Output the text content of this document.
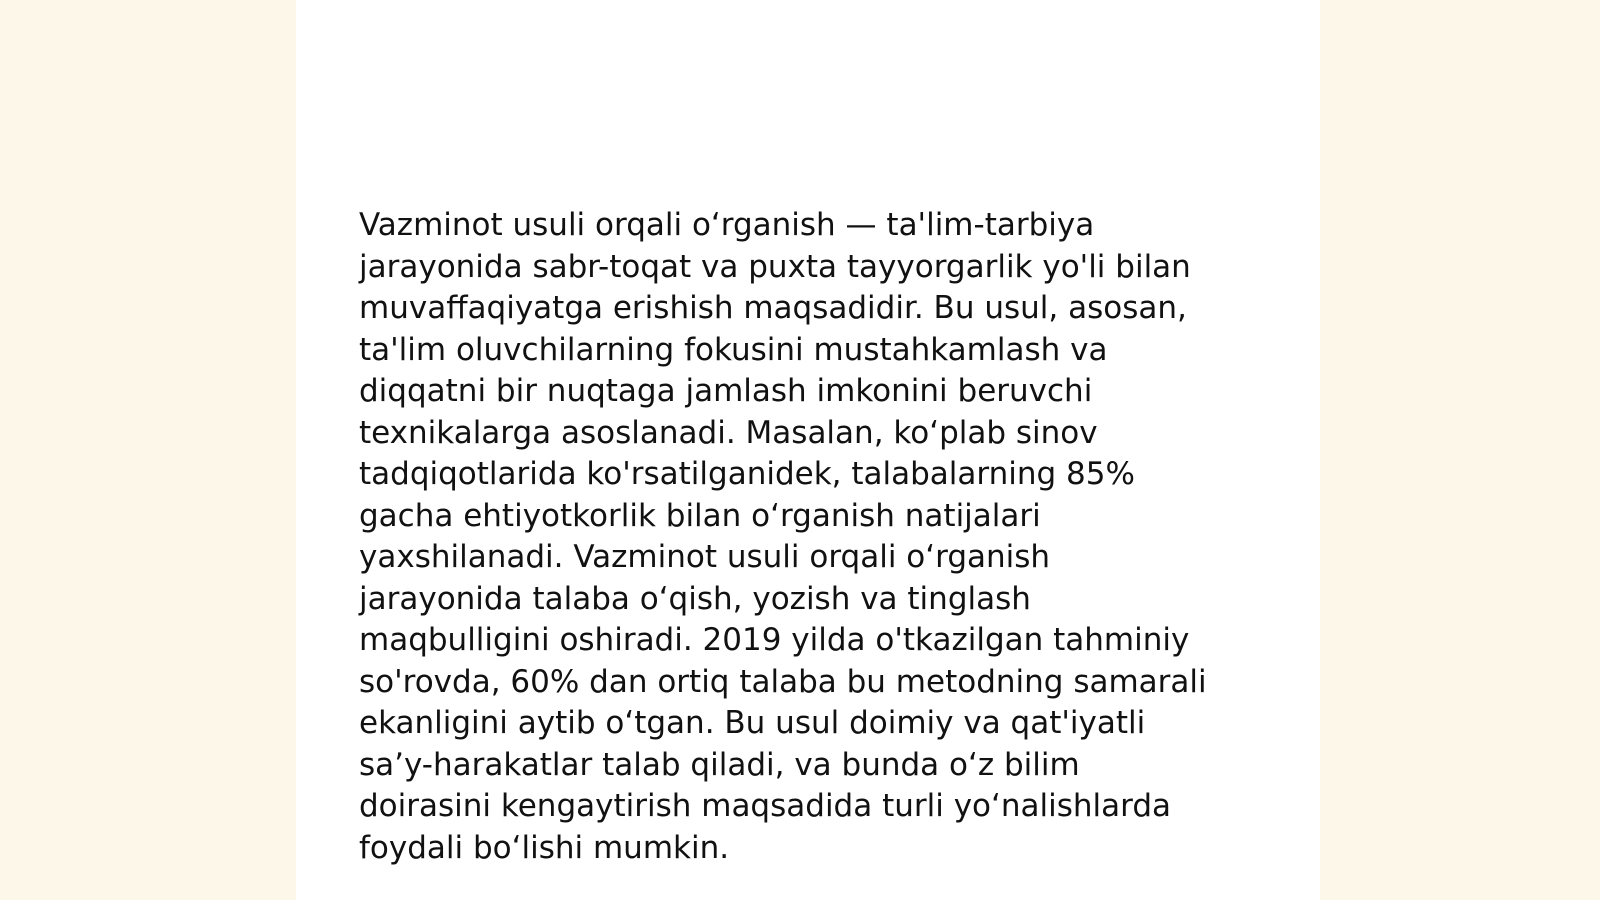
Vazminot usuli orqali oʻrganish — ta'lim-tarbiya
jarayonida sabr-toqat va puxta tayyorgarlik yo'li bilan
muvaffaqiyatga erishish maqsadidir. Bu usul, asosan,
ta'lim oluvchilarning fokusini mustahkamlash va
diqqatni bir nuqtaga jamlash imkonini beruvchi
texnikalarga asoslanadi. Masalan, koʻplab sinov
tadqiqotlarida ko'rsatilganidek, talabalarning 85%
gacha ehtiyotkorlik bilan oʻrganish natijalari
yaxshilanadi. Vazminot usuli orqali oʻrganish
jarayonida talaba oʻqish, yozish va tinglash
maqbulligini oshiradi. 2019 yilda o'tkazilgan tahminiy
so'rovda, 60% dan ortiq talaba bu metodning samarali
ekanligini aytib oʻtgan. Bu usul doimiy va qat'iyatli
saʼy-harakatlar talab qiladi, va bunda oʻz bilim
doirasini kengaytirish maqsadida turli yoʻnalishlarda
foydali boʻlishi mumkin.
